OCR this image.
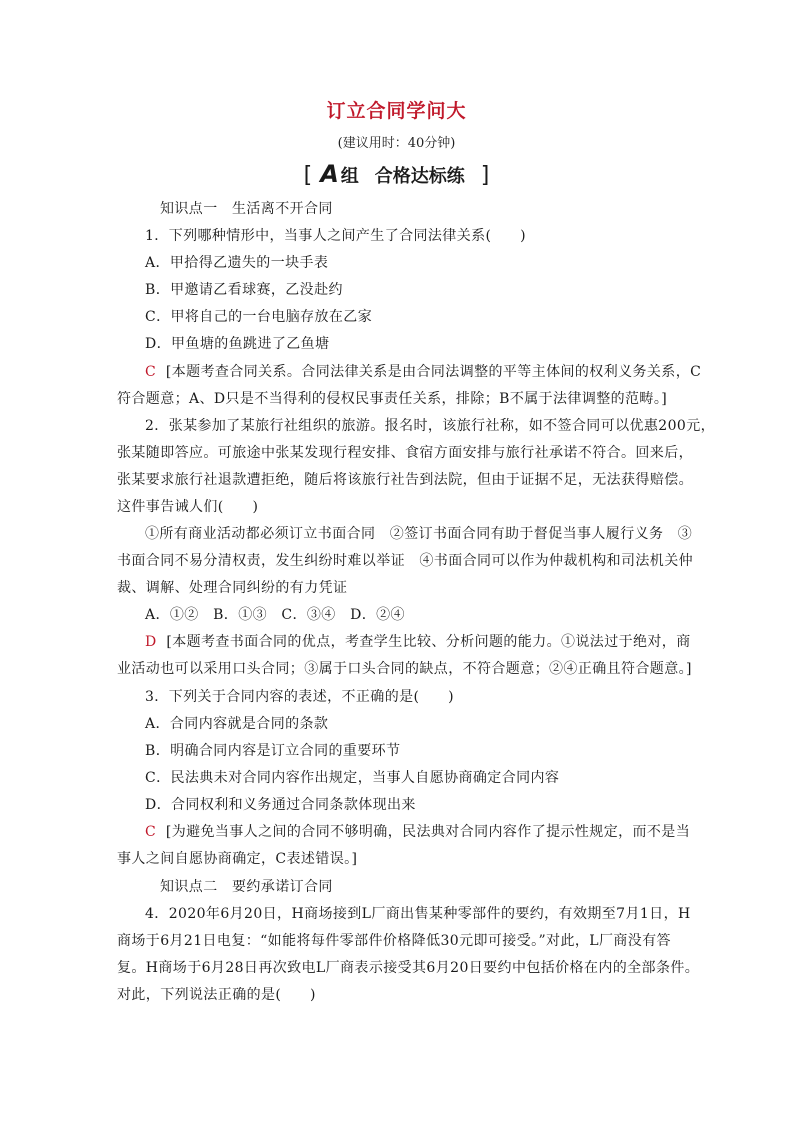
订立合同学问大
(建议用时：40分钟)
[ A 组 合格达标练 ]
知识点一　生活离不开合同
1．下列哪种情形中，当事人之间产生了合同法律关系(　　)
A．甲拾得乙遗失的一块手表
B．甲邀请乙看球赛，乙没赴约
C．甲将自己的一台电脑存放在乙家
D．甲鱼塘的鱼跳进了乙鱼塘
C [本题考查合同关系。合同法律关系是由合同法调整的平等主体间的权利义务关系，C
符合题意；A、D只是不当得利的侵权民事责任关系，排除；B不属于法律调整的范畴。]
2．张某参加了某旅行社组织的旅游。报名时，该旅行社称，如不签合同可以优惠200元，
张某随即答应。可旅途中张某发现行程安排、食宿方面安排与旅行社承诺不符合。回来后，
张某要求旅行社退款遭拒绝，随后将该旅行社告到法院，但由于证据不足，无法获得赔偿。
这件事告诫人们(　　)
①所有商业活动都必须订立书面合同　②签订书面合同有助于督促当事人履行义务　③
书面合同不易分清权责，发生纠纷时难以举证　④书面合同可以作为仲裁机构和司法机关仲
裁、调解、处理合同纠纷的有力凭证
A．①②　B．①③　C．③④　D．②④
D [本题考查书面合同的优点，考查学生比较、分析问题的能力。①说法过于绝对，商
业活动也可以采用口头合同；③属于口头合同的缺点，不符合题意；②④正确且符合题意。]
3．下列关于合同内容的表述，不正确的是(　　)
A．合同内容就是合同的条款
B．明确合同内容是订立合同的重要环节
C．民法典未对合同内容作出规定，当事人自愿协商确定合同内容
D．合同权利和义务通过合同条款体现出来
C [为避免当事人之间的合同不够明确，民法典对合同内容作了提示性规定，而不是当
事人之间自愿协商确定，C表述错误。]
知识点二　要约承诺订合同
4．2020年6月20日，H商场接到L厂商出售某种零部件的要约，有效期至7月1日，H
商场于6月21日电复：“如能将每件零部件价格降低30元即可接受。”对此，L厂商没有答
复。H商场于6月28日再次致电L厂商表示接受其6月20日要约中包括价格在内的全部条件。
对此，下列说法正确的是(　　)
